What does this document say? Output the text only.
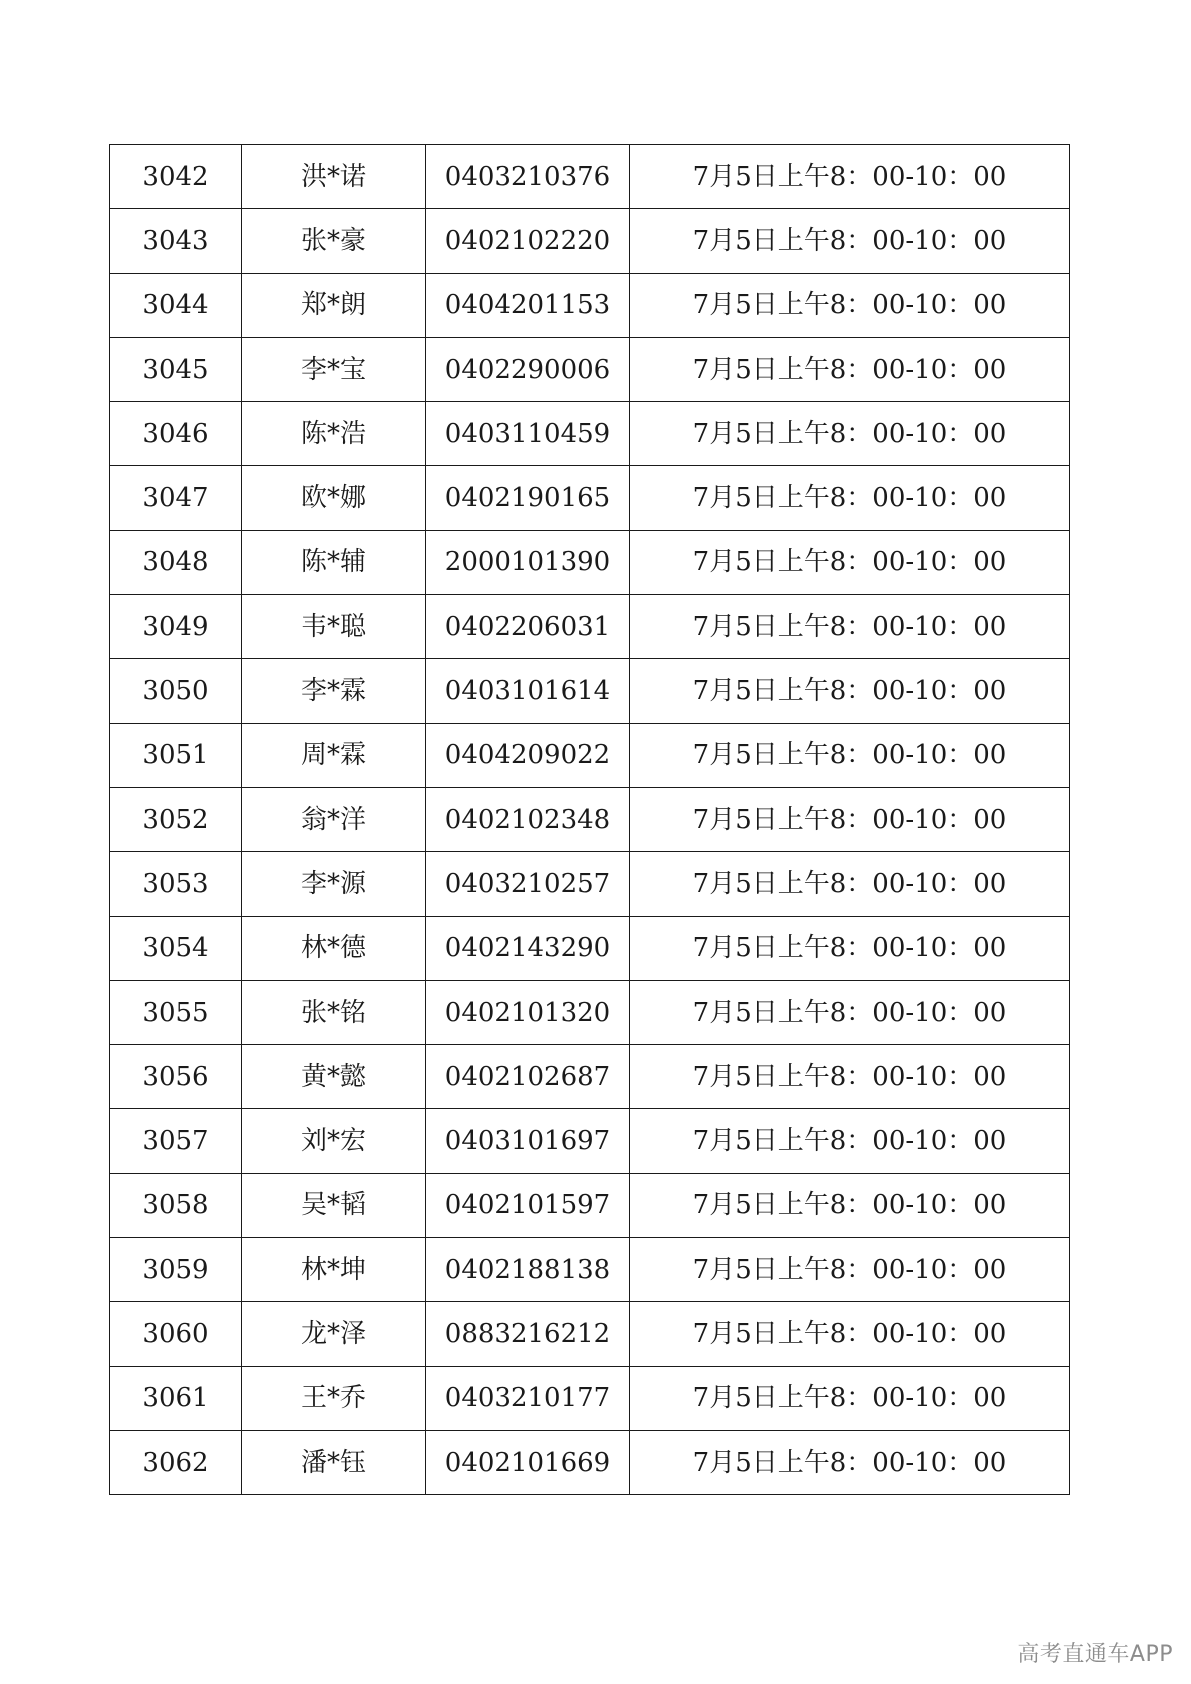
3042	洪*诺	0403210376	7月5日上午8：00-10：00
3043	张*豪	0402102220	7月5日上午8：00-10：00
3044	郑*朗	0404201153	7月5日上午8：00-10：00
3045	李*宝	0402290006	7月5日上午8：00-10：00
3046	陈*浩	0403110459	7月5日上午8：00-10：00
3047	欧*娜	0402190165	7月5日上午8：00-10：00
3048	陈*辅	2000101390	7月5日上午8：00-10：00
3049	韦*聪	0402206031	7月5日上午8：00-10：00
3050	李*霖	0403101614	7月5日上午8：00-10：00
3051	周*霖	0404209022	7月5日上午8：00-10：00
3052	翁*洋	0402102348	7月5日上午8：00-10：00
3053	李*源	0403210257	7月5日上午8：00-10：00
3054	林*德	0402143290	7月5日上午8：00-10：00
3055	张*铭	0402101320	7月5日上午8：00-10：00
3056	黄*懿	0402102687	7月5日上午8：00-10：00
3057	刘*宏	0403101697	7月5日上午8：00-10：00
3058	吴*韬	0402101597	7月5日上午8：00-10：00
3059	林*坤	0402188138	7月5日上午8：00-10：00
3060	龙*泽	0883216212	7月5日上午8：00-10：00
3061	王*乔	0403210177	7月5日上午8：00-10：00
3062	潘*钰	0402101669	7月5日上午8：00-10：00
高考直通车APP
